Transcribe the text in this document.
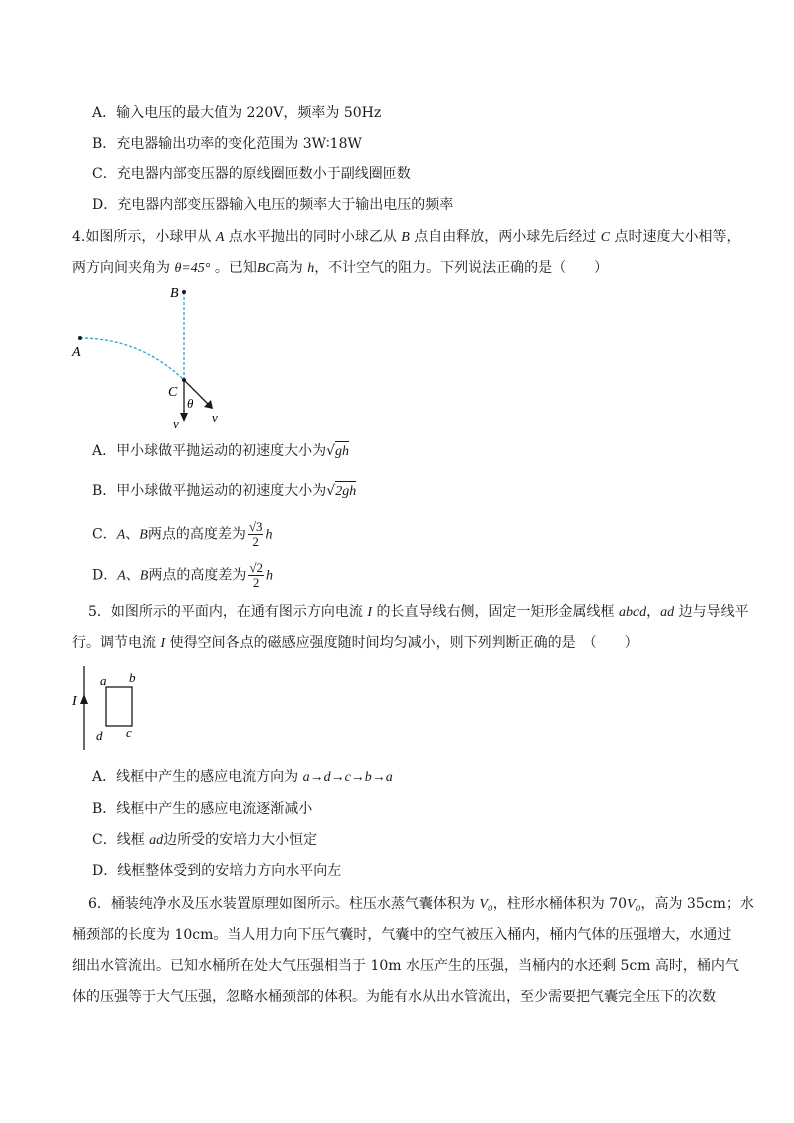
A．输入电压的最大值为 220V，频率为 50Hz
B．充电器输出功率的变化范围为 3W∶18W
C．充电器内部变压器的原线圈匝数小于副线圈匝数
D．充电器内部变压器输入电压的频率大于输出电压的频率
4.如图所示，小球甲从 A 点水平抛出的同时小球乙从 B 点自由释放，两小球先后经过 C 点时速度大小相等，
两方向间夹角为 θ=45° 。已知BC高为 h，不计空气的阻力。下列说法正确的是（　　）
B
A
C
θ
v	v
A．甲小球做平抛运动的初速度大小为√gh
B．甲小球做平抛运动的初速度大小为√2gh
C．A、B两点的高度差为 $\frac{√3}{2}$ h
D．A、B两点的高度差为 $\frac{√2}{2}$ h
5．如图所示的平面内，在通有图示方向电流 I 的长直导线右侧，固定一矩形金属线框 abcd，ad 边与导线平
行。调节电流 I 使得空间各点的磁感应强度随时间均匀减小，则下列判断正确的是　（　　）
I
a b
d c
A．线框中产生的感应电流方向为 a→d→c→b→a
B．线框中产生的感应电流逐渐减小
C．线框 ad边所受的安培力大小恒定
D．线框整体受到的安培力方向水平向左
6．桶装纯净水及压水装置原理如图所示。柱压水蒸气囊体积为 V₀，柱形水桶体积为 70V₀，高为 35cm；水
桶颈部的长度为 10cm。当人用力向下压气囊时，气囊中的空气被压入桶内，桶内气体的压强增大，水通过
细出水管流出。已知水桶所在处大气压强相当于 10m 水压产生的压强，当桶内的水还剩 5cm 高时，桶内气
体的压强等于大气压强，忽略水桶颈部的体积。为能有水从出水管流出，至少需要把气囊完全压下的次数
